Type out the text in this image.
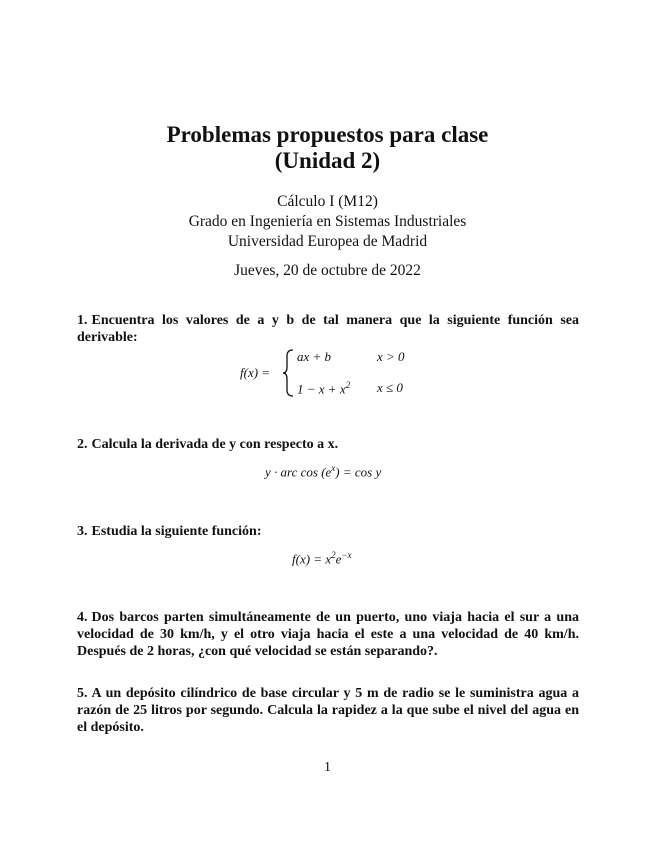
Problemas propuestos para clase
(Unidad 2)
Cálculo I (M12)
Grado en Ingeniería en Sistemas Industriales
Universidad Europea de Madrid
Jueves, 20 de octubre de 2022

1. Encuentra los valores de a y b de tal manera que la siguiente función sea derivable:

f(x) =
ax + b	x > 0
$1 - x + x^2$ x ≤ 0

2. Calcula la derivada de y con respecto a x.

y · arc $\cos (e^x) = \cos y$

3. Estudia la siguiente función:

$f(x) = x^2e^{-x}$

4. Dos barcos parten simultáneamente de un puerto, uno viaja hacia el sur a una velocidad de 30 km/h, y el otro viaja hacia el este a una velocidad de 40 km/h. Después de 2 horas, ¿con qué velocidad se están separando?.

5. A un depósito cilíndrico de base circular y 5 m de radio se le suministra agua a razón de 25 litros por segundo. Calcula la rapidez a la que sube el nivel del agua en el depósito.

1
